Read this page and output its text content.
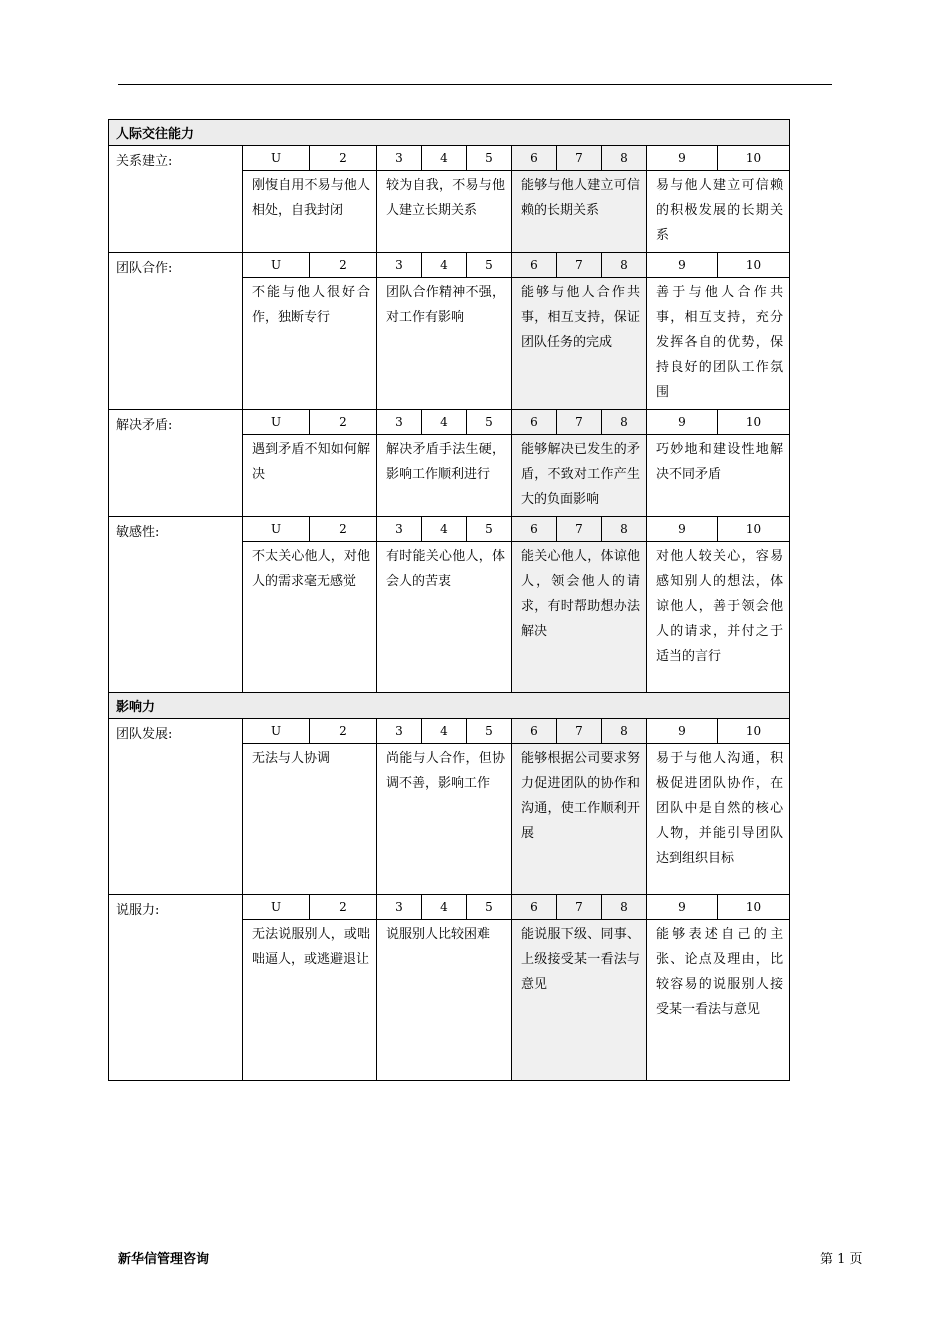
人际交往能力										
关系建立:	U	2	3	4	5	6	7	8	9	10
	刚愎自用不易与他人相处，自我封闭		较为自我，不易与他人建立长期关系			能够与他人建立可信赖的长期关系			易与他人建立可信赖的积极发展的长期关系	
团队合作:	U	2	3	4	5	6	7	8	9	10
	不能与他人很好合作，独断专行		团队合作精神不强，对工作有影响			能够与他人合作共事，相互支持，保证团队任务的完成			善于与他人合作共事，相互支持，充分发挥各自的优势，保持良好的团队工作氛围	
解决矛盾:	U	2	3	4	5	6	7	8	9	10
	遇到矛盾不知如何解决		解决矛盾手法生硬，影响工作顺利进行			能够解决已发生的矛盾，不致对工作产生大的负面影响			巧妙地和建设性地解决不同矛盾	
敏感性:	U	2	3	4	5	6	7	8	9	10
	不太关心他人，对他人的需求毫无感觉		有时能关心他人，体会人的苦衷			能关心他人，体谅他人，领会他人的请求，有时帮助想办法解决			对他人较关心，容易感知别人的想法，体谅他人，善于领会他人的请求，并付之于适当的言行	
影响力										
团队发展:	U	2	3	4	5	6	7	8	9	10
	无法与人协调		尚能与人合作，但协调不善，影响工作			能够根据公司要求努力促进团队的协作和沟通，使工作顺利开展			易于与他人沟通，积极促进团队协作，在团队中是自然的核心人物，并能引导团队达到组织目标	
说服力:	U	2	3	4	5	6	7	8	9	10
	无法说服别人，或咄咄逼人，或逃避退让		说服别人比较困难			能说服下级、同事、上级接受某一看法与意见			能够表述自己的主张、论点及理由，比较容易的说服别人接受某一看法与意见	
新华信管理咨询	第 1 页
